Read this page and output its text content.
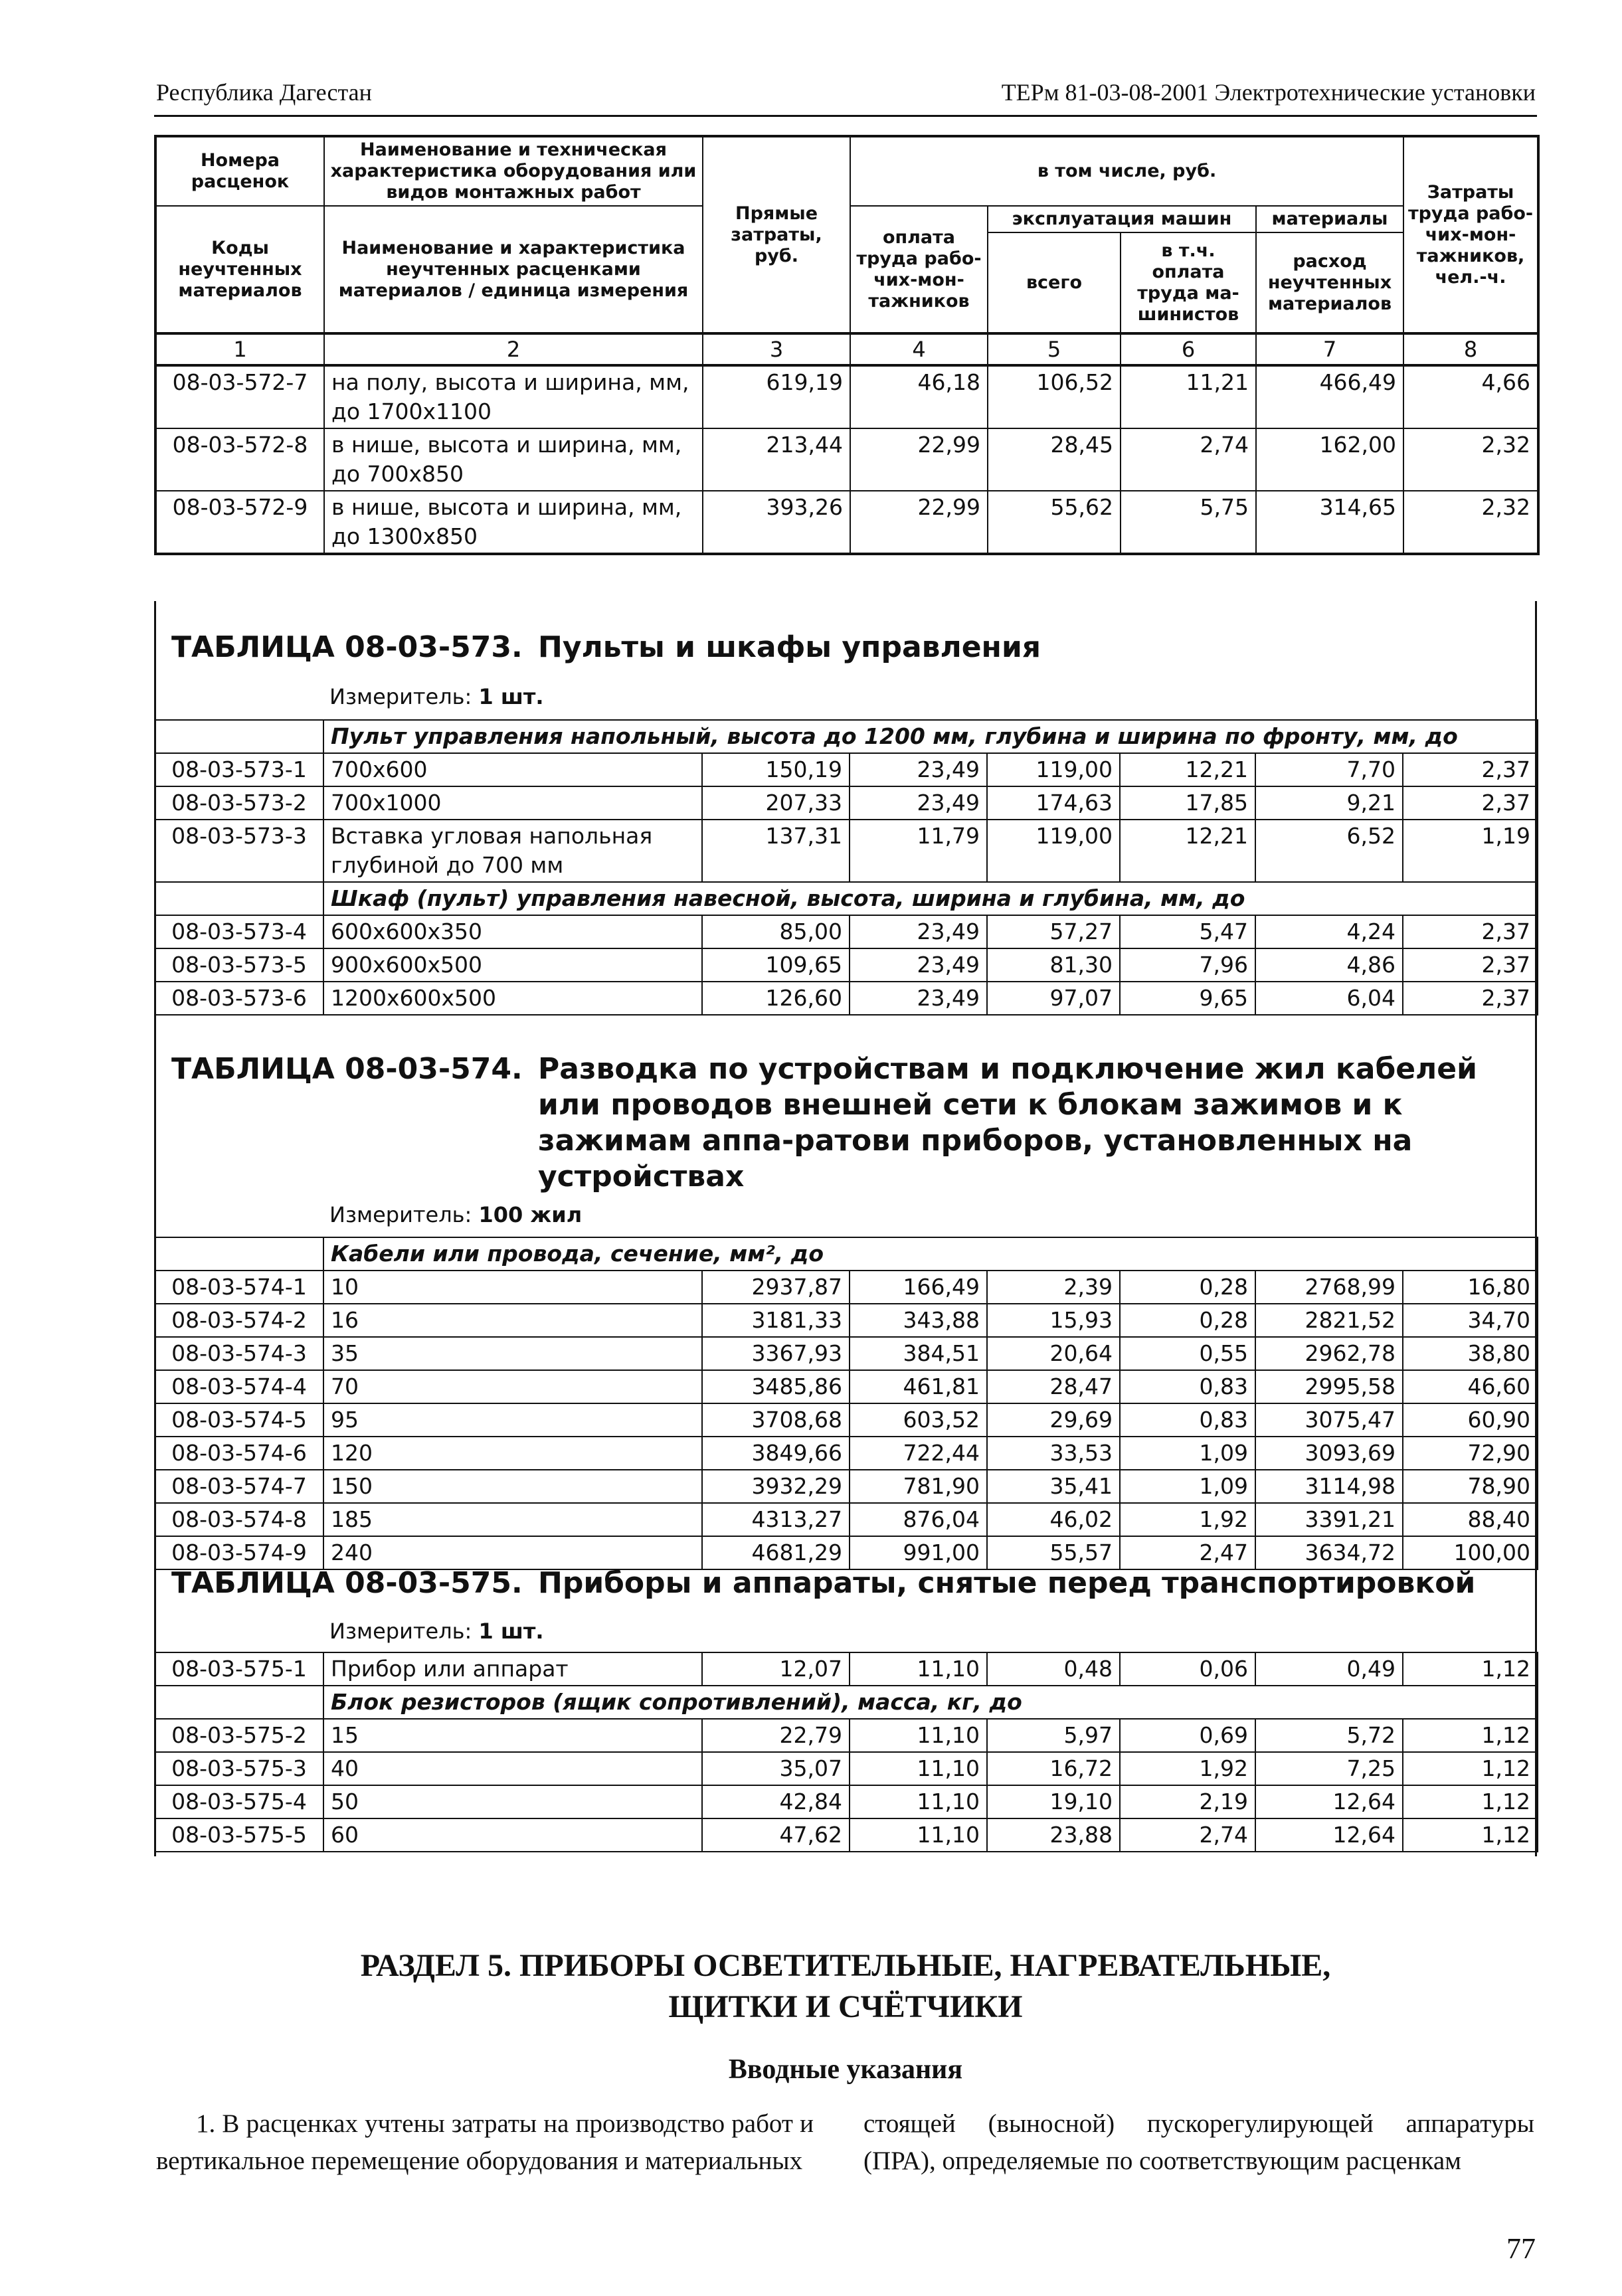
Республика Дагестан	ТЕРм 81-03-08-2001 Электротехнические установки
Номера расценок	Наименование и техническая характеристика оборудования или видов монтажных работ	Прямые затраты, руб.	в том числе, руб.				Затраты труда рабо-чих-мон-тажников, чел.-ч.
Коды неучтенных материалов	Наименование и характеристика неучтенных расценками материалов / единица измерения		оплата труда рабо-чих-мон-тажников	эксплуатация машин		материалы	
				всего	в т.ч. оплата труда ма-шинистов	расход неучтенных материалов	
1	2	3	4	5	6	7	8
08-03-572-7	на полу, высота и ширина, мм, до 1700х1100	619,19	46,18	106,52	11,21	466,49	4,66
08-03-572-8	в нише, высота и ширина, мм, до 700х850	213,44	22,99	28,45	2,74	162,00	2,32
08-03-572-9	в нише, высота и ширина, мм, до 1300х850	393,26	22,99	55,62	5,75	314,65	2,32
ТАБЛИЦА 08-03-573. Пульты и шкафы управления
Измеритель: 1 шт.
	Пульт управления напольный, высота до 1200 мм, глубина и ширина по фронту, мм, до						
08-03-573-1	700х600	150,19	23,49	119,00	12,21	7,70	2,37
08-03-573-2	700х1000	207,33	23,49	174,63	17,85	9,21	2,37
08-03-573-3	Вставка угловая напольная глубиной до 700 мм	137,31	11,79	119,00	12,21	6,52	1,19
	Шкаф (пульт) управления навесной, высота, ширина и глубина, мм, до						
08-03-573-4	600х600х350	85,00	23,49	57,27	5,47	4,24	2,37
08-03-573-5	900х600х500	109,65	23,49	81,30	7,96	4,86	2,37
08-03-573-6	1200х600х500	126,60	23,49	97,07	9,65	6,04	2,37
ТАБЛИЦА 08-03-574. Разводка по устройствам и подключение жил кабелей или проводов внешней сети к блокам зажимов и к зажимам аппа-ратови приборов, установленных на устройствах
Измеритель: 100 жил
	Кабели или провода, сечение, мм², до						
08-03-574-1	10	2937,87	166,49	2,39	0,28	2768,99	16,80
08-03-574-2	16	3181,33	343,88	15,93	0,28	2821,52	34,70
08-03-574-3	35	3367,93	384,51	20,64	0,55	2962,78	38,80
08-03-574-4	70	3485,86	461,81	28,47	0,83	2995,58	46,60
08-03-574-5	95	3708,68	603,52	29,69	0,83	3075,47	60,90
08-03-574-6	120	3849,66	722,44	33,53	1,09	3093,69	72,90
08-03-574-7	150	3932,29	781,90	35,41	1,09	3114,98	78,90
08-03-574-8	185	4313,27	876,04	46,02	1,92	3391,21	88,40
08-03-574-9	240	4681,29	991,00	55,57	2,47	3634,72	100,00
ТАБЛИЦА 08-03-575. Приборы и аппараты, снятые перед транспортировкой
Измеритель: 1 шт.
08-03-575-1	Прибор или аппарат	12,07	11,10	0,48	0,06	0,49	1,12
	Блок резисторов (ящик сопротивлений), масса, кг, до						
08-03-575-2	15	22,79	11,10	5,97	0,69	5,72	1,12
08-03-575-3	40	35,07	11,10	16,72	1,92	7,25	1,12
08-03-575-4	50	42,84	11,10	19,10	2,19	12,64	1,12
08-03-575-5	60	47,62	11,10	23,88	2,74	12,64	1,12
РАЗДЕЛ 5. ПРИБОРЫ ОСВЕТИТЕЛЬНЫЕ, НАГРЕВАТЕЛЬНЫЕ,
ЩИТКИ И СЧЁТЧИКИ
Вводные указания
1. В расценках учтены затраты на производство работ и вертикальное перемещение оборудования и материальных
стоящей (выносной) пускорегулирующей аппаратуры (ПРА), определяемые по соответствующим расценкам
77
